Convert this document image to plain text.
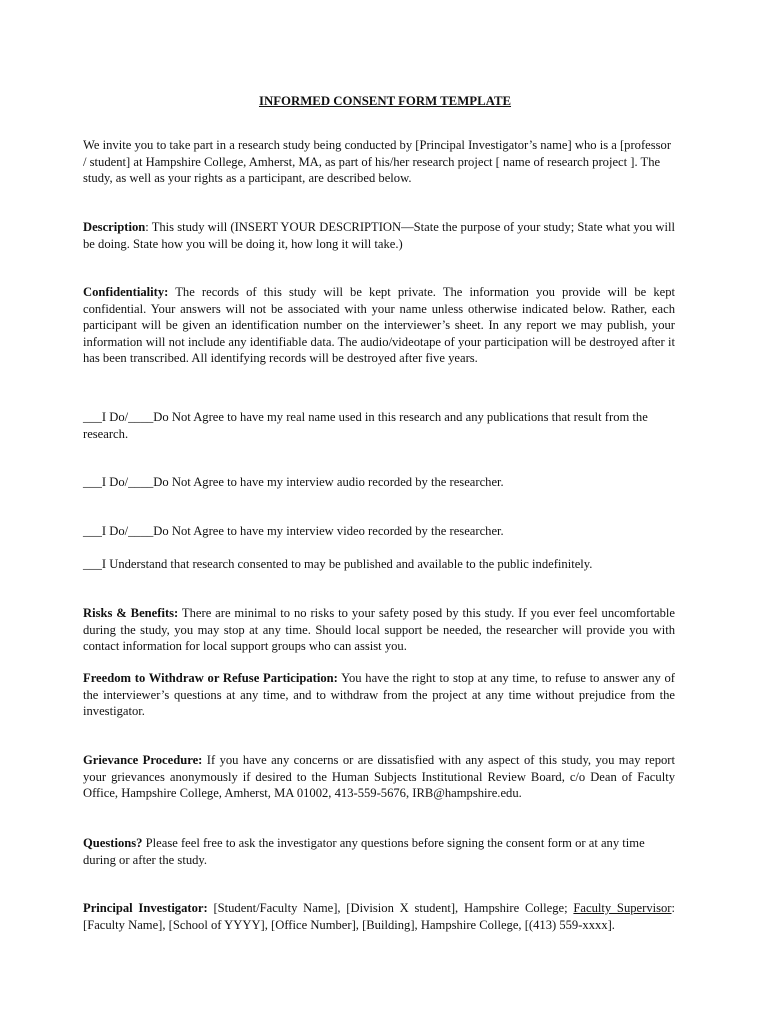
INFORMED CONSENT FORM TEMPLATE

We invite you to take part in a research study being conducted by [Principal Investigator’s name] who is a [professor / student] at Hampshire College, Amherst, MA, as part of his/her research project [ name of research project ]. The study, as well as your rights as a participant, are described below.

Description: This study will (INSERT YOUR DESCRIPTION—State the purpose of your study; State what you will be doing. State how you will be doing it, how long it will take.)

Confidentiality: The records of this study will be kept private. The information you provide will be kept confidential. Your answers will not be associated with your name unless otherwise indicated below. Rather, each participant will be given an identification number on the interviewer’s sheet. In any report we may publish, your information will not include any identifiable data. The audio/videotape of your participation will be destroyed after it has been transcribed. All identifying records will be destroyed after five years.

___I Do/____Do Not Agree to have my real name used in this research and any publications that result from the research.

___I Do/____Do Not Agree to have my interview audio recorded by the researcher.

___I Do/____Do Not Agree to have my interview video recorded by the researcher.

___I Understand that research consented to may be published and available to the public indefinitely.

Risks & Benefits: There are minimal to no risks to your safety posed by this study. If you ever feel uncomfortable during the study, you may stop at any time. Should local support be needed, the researcher will provide you with contact information for local support groups who can assist you.

Freedom to Withdraw or Refuse Participation: You have the right to stop at any time, to refuse to answer any of the interviewer’s questions at any time, and to withdraw from the project at any time without prejudice from the investigator.

Grievance Procedure: If you have any concerns or are dissatisfied with any aspect of this study, you may report your grievances anonymously if desired to the Human Subjects Institutional Review Board, c/o Dean of Faculty Office, Hampshire College, Amherst, MA 01002, 413-559-5676, IRB@hampshire.edu.

Questions? Please feel free to ask the investigator any questions before signing the consent form or at any time during or after the study.

Principal Investigator: [Student/Faculty Name], [Division X student], Hampshire College; Faculty Supervisor: [Faculty Name], [School of YYYY], [Office Number], [Building], Hampshire College, [(413) 559-xxxx].
